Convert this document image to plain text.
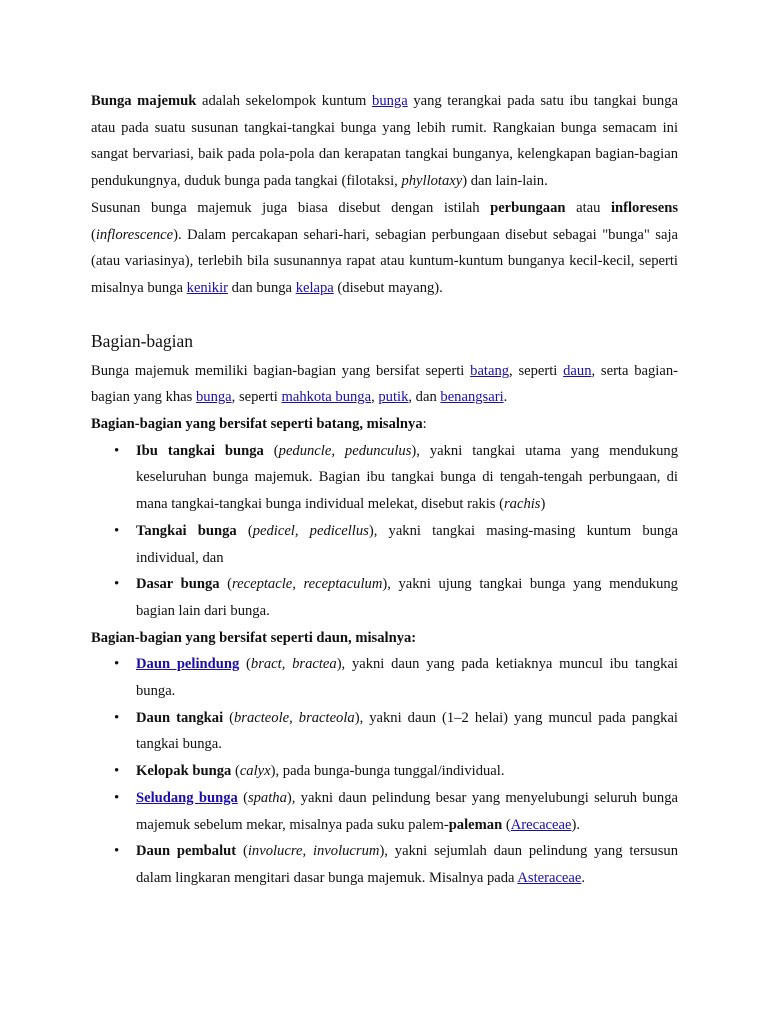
Bunga majemuk adalah sekelompok kuntum bunga yang terangkai pada satu ibu tangkai bunga atau pada suatu susunan tangkai-tangkai bunga yang lebih rumit. Rangkaian bunga semacam ini sangat bervariasi, baik pada pola-pola dan kerapatan tangkai bunganya, kelengkapan bagian-bagian pendukungnya, duduk bunga pada tangkai (filotaksi, phyllotaxy) dan lain-lain.

Susunan bunga majemuk juga biasa disebut dengan istilah perbungaan atau infloresens (inflorescence). Dalam percakapan sehari-hari, sebagian perbungaan disebut sebagai "bunga" saja (atau variasinya), terlebih bila susunannya rapat atau kuntum-kuntum bunganya kecil-kecil, seperti misalnya bunga kenikir dan bunga kelapa (disebut mayang).

Bagian-bagian

Bunga majemuk memiliki bagian-bagian yang bersifat seperti batang, seperti daun, serta bagian-bagian yang khas bunga, seperti mahkota bunga, putik, dan benangsari.

Bagian-bagian yang bersifat seperti batang, misalnya:

• Ibu tangkai bunga (peduncle, pedunculus), yakni tangkai utama yang mendukung keseluruhan bunga majemuk. Bagian ibu tangkai bunga di tengah-tengah perbungaan, di mana tangkai-tangkai bunga individual melekat, disebut rakis (rachis)
• Tangkai bunga (pedicel, pedicellus), yakni tangkai masing-masing kuntum bunga individual, dan
• Dasar bunga (receptacle, receptaculum), yakni ujung tangkai bunga yang mendukung bagian lain dari bunga.

Bagian-bagian yang bersifat seperti daun, misalnya:

• Daun pelindung (bract, bractea), yakni daun yang pada ketiaknya muncul ibu tangkai bunga.
• Daun tangkai (bracteole, bracteola), yakni daun (1–2 helai) yang muncul pada pangkai tangkai bunga.
• Kelopak bunga (calyx), pada bunga-bunga tunggal/individual.
• Seludang bunga (spatha), yakni daun pelindung besar yang menyelubungi seluruh bunga majemuk sebelum mekar, misalnya pada suku palem-paleman (Arecaceae).
• Daun pembalut (involucre, involucrum), yakni sejumlah daun pelindung yang tersusun dalam lingkaran mengitari dasar bunga majemuk. Misalnya pada Asteraceae.
